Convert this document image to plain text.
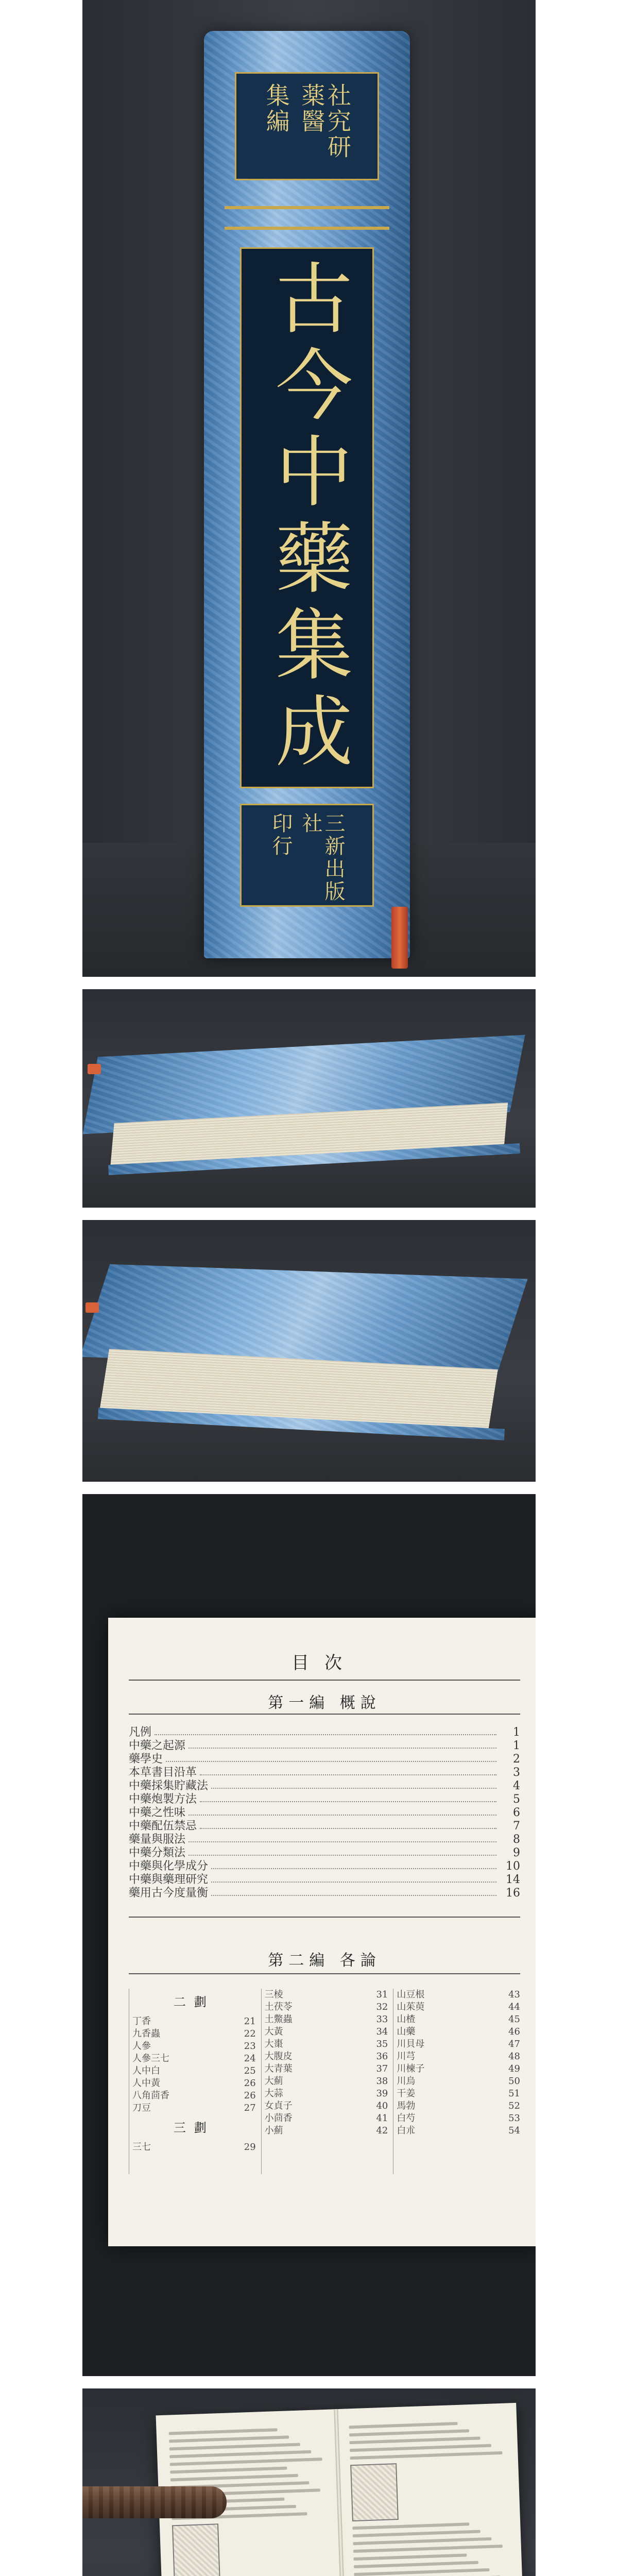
社究研薬醫
集編
古今中藥集成
三新出版社
印行
目次
第一編 概說
凡例	1
中藥之起源	1
藥學史	2
本草書目沿革	3
中藥採集貯藏法	4
中藥炮製方法	5
中藥之性味	6
中藥配伍禁忌	7
藥量與服法	8
中藥分類法	9
中藥與化學成分	10
中藥與藥理研究	14
藥用古今度量衡	16
第二編 各論
二劃
丁香	21
九香蟲	22
人參	23
人參三七	24
人中白	25
人中黃	26
八角茴香	26
刀豆	27
三劃
三七	29
三棱	31
土茯苓	32
土鱉蟲	33
大黃	34
大棗	35
大腹皮	36
大青葉	37
大薊	38
大蒜	39
女貞子	40
小茴香	41
小薊	42
山豆根	43
山茱萸	44
山楂	45
山藥	46
川貝母	47
川芎	48
川楝子	49
川烏	50
干姜	51
馬勃	52
白芍	53
白朮	54
